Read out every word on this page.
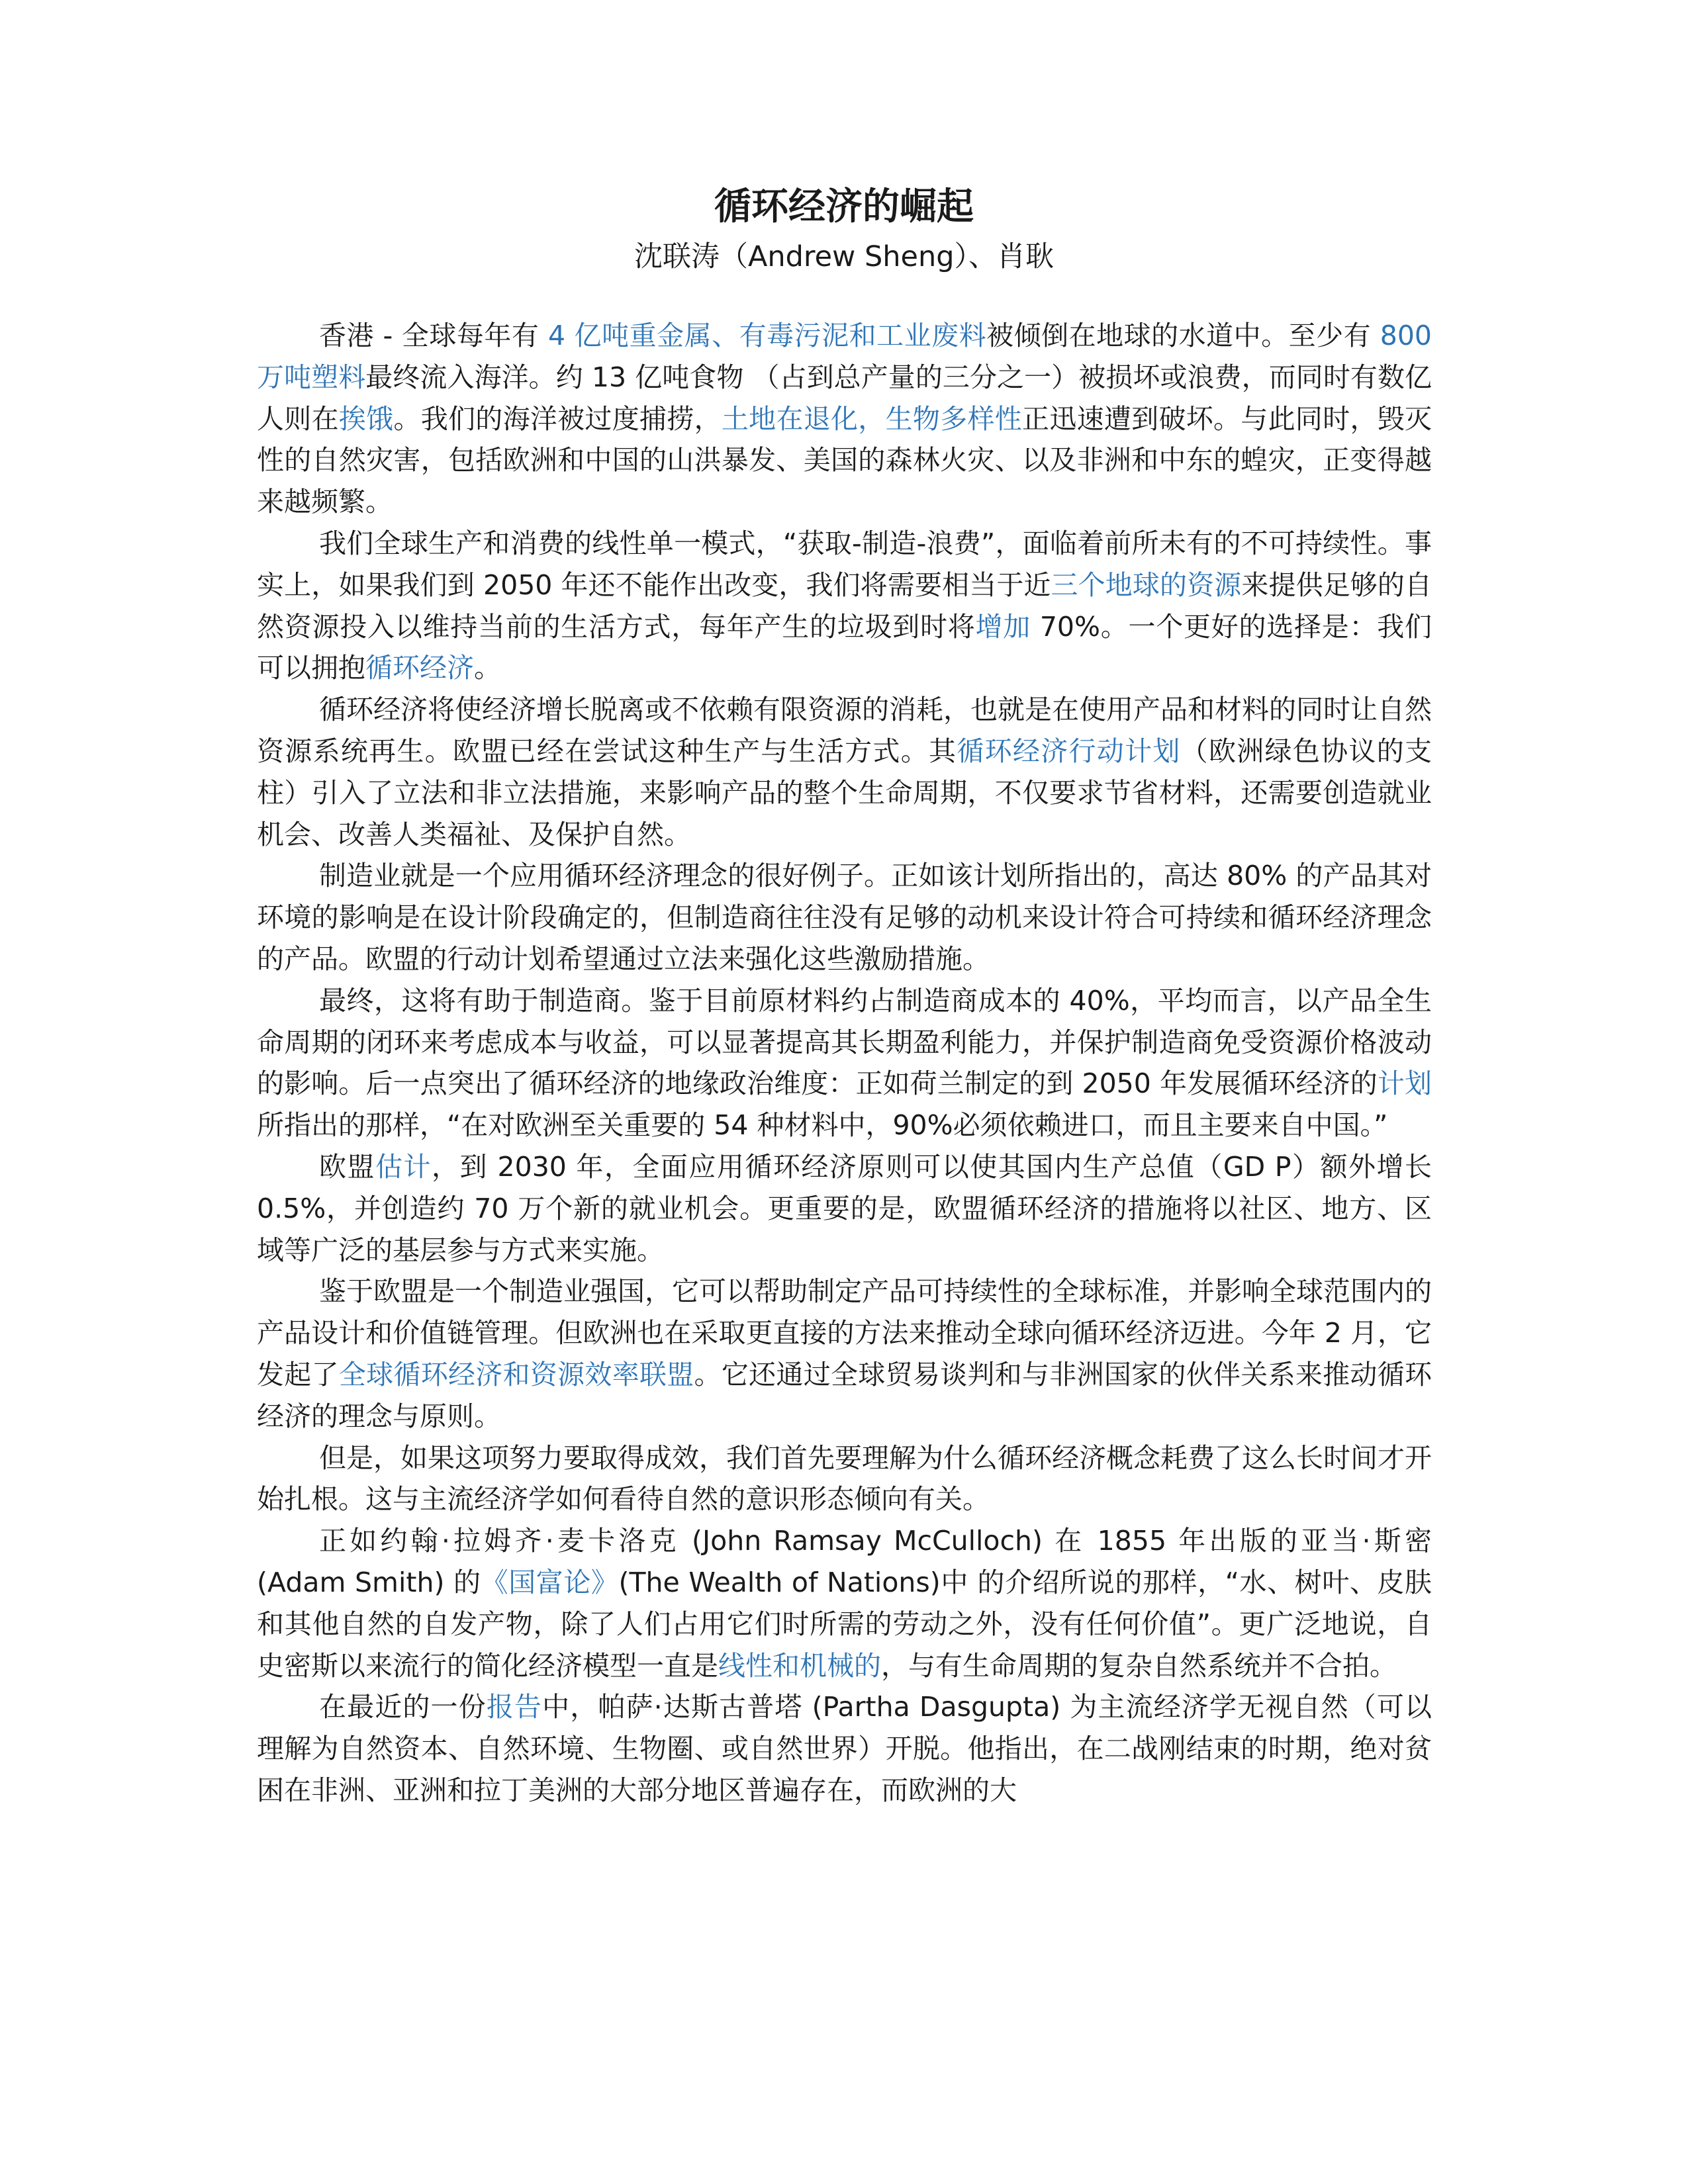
循环经济的崛起
沈联涛（Andrew Sheng）、肖耿

香港 - 全球每年有 4 亿吨重金属、有毒污泥和工业废料被倾倒在地球的水道中。至少有 800 万吨塑料最终流入海洋。约 13 亿吨食物 （占到总产量的三分之一）被损坏或浪费，而同时有数亿人则在挨饿。我们的海洋被过度捕捞，土地在退化，生物多样性正迅速遭到破坏。与此同时，毁灭性的自然灾害，包括欧洲和中国的山洪暴发、美国的森林火灾、以及非洲和中东的蝗灾，正变得越来越频繁。

我们全球生产和消费的线性单一模式，“获取-制造-浪费”，面临着前所未有的不可持续性。事实上，如果我们到 2050 年还不能作出改变，我们将需要相当于近三个地球的资源来提供足够的自然资源投入以维持当前的生活方式，每年产生的垃圾到时将增加 70%。一个更好的选择是：我们可以拥抱循环经济。

循环经济将使经济增长脱离或不依赖有限资源的消耗，也就是在使用产品和材料的同时让自然资源系统再生。欧盟已经在尝试这种生产与生活方式。其循环经济行动计划（欧洲绿色协议的支柱）引入了立法和非立法措施，来影响产品的整个生命周期，不仅要求节省材料，还需要创造就业机会、改善人类福祉、及保护自然。

制造业就是一个应用循环经济理念的很好例子。正如该计划所指出的，高达 80% 的产品其对环境的影响是在设计阶段确定的，但制造商往往没有足够的动机来设计符合可持续和循环经济理念的产品。欧盟的行动计划希望通过立法来强化这些激励措施。

最终，这将有助于制造商。鉴于目前原材料约占制造商成本的 40%，平均而言，以产品全生命周期的闭环来考虑成本与收益，可以显著提高其长期盈利能力，并保护制造商免受资源价格波动的影响。后一点突出了循环经济的地缘政治维度：正如荷兰制定的到 2050 年发展循环经济的计划所指出的那样，“在对欧洲至关重要的 54 种材料中，90%必须依赖进口，而且主要来自中国。”

欧盟估计，到 2030 年，全面应用循环经济原则可以使其国内生产总值（GD P）额外增长 0.5%，并创造约 70 万个新的就业机会。更重要的是，欧盟循环经济的措施将以社区、地方、区域等广泛的基层参与方式来实施。

鉴于欧盟是一个制造业强国，它可以帮助制定产品可持续性的全球标准，并影响全球范围内的产品设计和价值链管理。但欧洲也在采取更直接的方法来推动全球向循环经济迈进。今年 2 月，它发起了全球循环经济和资源效率联盟。它还通过全球贸易谈判和与非洲国家的伙伴关系来推动循环经济的理念与原则。

但是，如果这项努力要取得成效，我们首先要理解为什么循环经济概念耗费了这么长时间才开始扎根。这与主流经济学如何看待自然的意识形态倾向有关。

正如约翰·拉姆齐·麦卡洛克 (John Ramsay McCulloch) 在 1855 年出版的亚当·斯密 (Adam Smith) 的《国富论》(The Wealth of Nations)中 的介绍所说的那样，“水、树叶、皮肤和其他自然的自发产物，除了人们占用它们时所需的劳动之外，没有任何价值”。更广泛地说，自史密斯以来流行的简化经济模型一直是线性和机械的，与有生命周期的复杂自然系统并不合拍。

在最近的一份报告中，帕萨·达斯古普塔 (Partha Dasgupta) 为主流经济学无视自然（可以理解为自然资本、自然环境、生物圈、或自然世界）开脱。他指出，在二战刚结束的时期，绝对贫困在非洲、亚洲和拉丁美洲的大部分地区普遍存在，而欧洲的大
